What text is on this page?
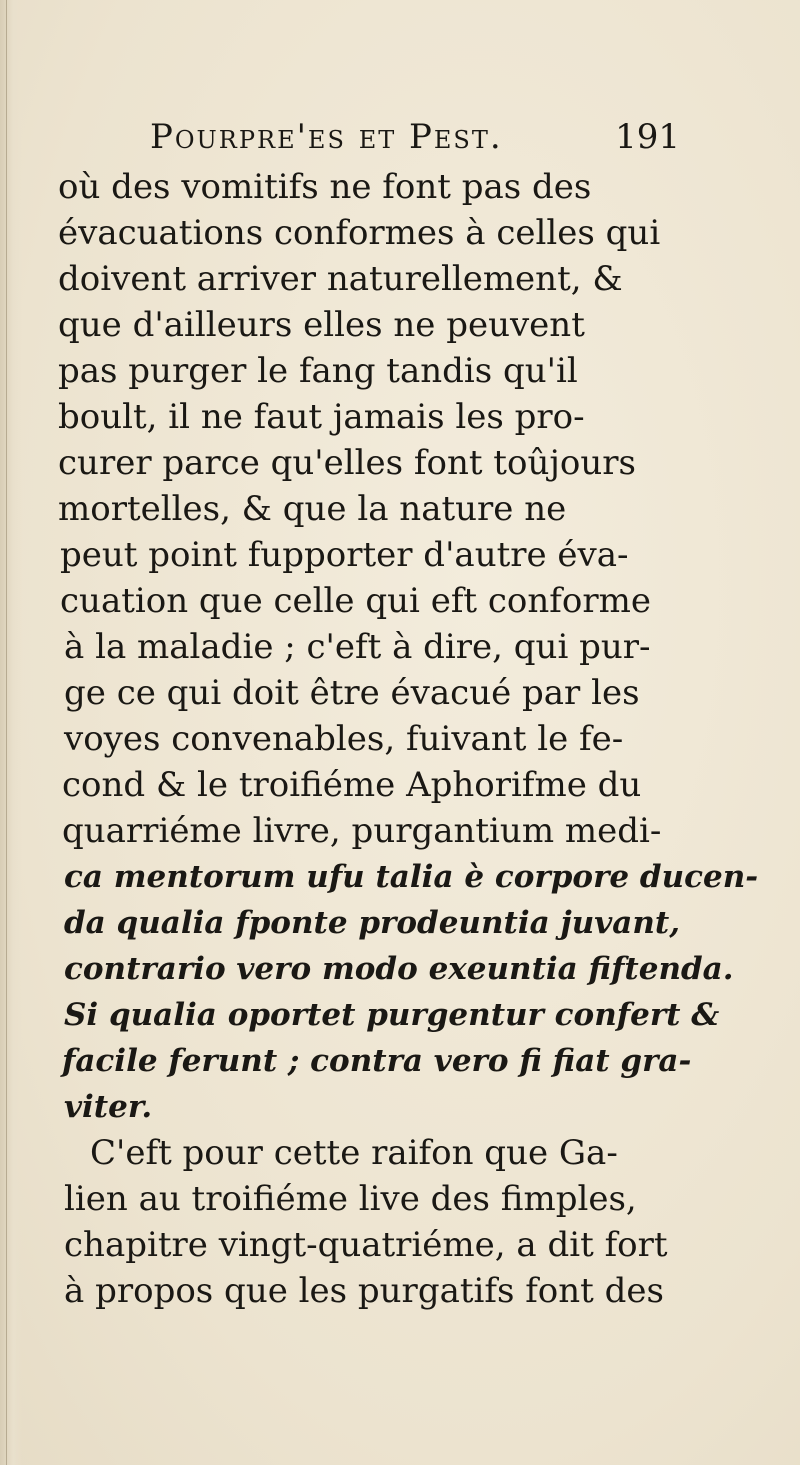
Pourpre'es et Pest.	191
où des vomitifs ne font pas des
évacuations conformes à celles qui
doivent arriver naturellement, &
que d'ailleurs elles ne peuvent
pas purger le fang tandis qu'il
boult, il ne faut jamais les pro-
curer parce qu'elles font toûjours
mortelles, & que la nature ne
peut point fupporter d'autre éva-
cuation que celle qui eft conforme
à la maladie ; c'eft à dire, qui pur-
ge ce qui doit être évacué par les
voyes convenables, fuivant le fe-
cond & le troifiéme Aphorifme du
quarriéme livre, purgantium medi-
ca mentorum ufu talia è corpore ducen-
da qualia fponte prodeuntia juvant,
contrario vero modo exeuntia fiftenda.
Si qualia oportet purgentur confert &
facile ferunt ; contra vero fi fiat gra-
viter.
C'eft pour cette raifon que Ga-
lien au troifiéme live des fimples,
chapitre vingt-quatriéme, a dit fort
à propos que les purgatifs font des
